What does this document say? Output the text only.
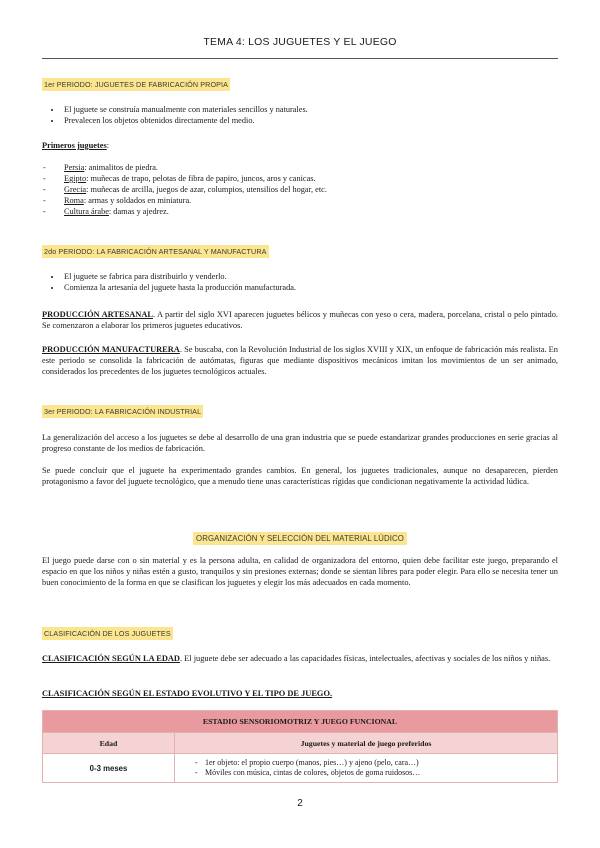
TEMA 4: LOS JUGUETES Y EL JUEGO
1er PERIODO: JUGUETES DE FABRICACIÓN PROPIA
• El juguete se construía manualmente con materiales sencillos y naturales.
• Prevalecen los objetos obtenidos directamente del medio.
Primeros juguetes:
- Persia: animalitos de piedra.
- Egipto: muñecas de trapo, pelotas de fibra de papiro, juncos, aros y canicas.
- Grecia: muñecas de arcilla, juegos de azar, columpios, utensilios del hogar, etc.
- Roma: armas y soldados en miniatura.
- Cultura árabe: damas y ajedrez.
2do PERIODO: LA FABRICACIÓN ARTESANAL Y MANUFACTURA
• El juguete se fabrica para distribuirlo y venderlo.
• Comienza la artesanía del juguete hasta la producción manufacturada.
PRODUCCIÓN ARTESANAL. A partir del siglo XVI aparecen juguetes bélicos y muñecas con yeso o cera, madera, porcelana, cristal o pelo pintado. Se comenzaron a elaborar los primeros juguetes educativos.
PRODUCCIÓN MANUFACTURERA. Se buscaba, con la Revolución Industrial de los siglos XVIII y XIX, un enfoque de fabricación más realista. En este periodo se consolida la fabricación de autómatas, figuras que mediante dispositivos mecánicos imitan los movimientos de un ser animado, considerados los precedentes de los juguetes tecnológicos actuales.
3er PERIODO: LA FABRICACIÓN INDUSTRIAL
La generalización del acceso a los juguetes se debe al desarrollo de una gran industria que se puede estandarizar grandes producciones en serie gracias al progreso constante de los medios de fabricación.
Se puede concluir que el juguete ha experimentado grandes cambios. En general, los juguetes tradicionales, aunque no desaparecen, pierden protagonismo a favor del juguete tecnológico, que a menudo tiene unas características rígidas que condicionan negativamente la actividad lúdica.
ORGANIZACIÓN Y SELECCIÓN DEL MATERIAL LÚDICO
El juego puede darse con o sin material y es la persona adulta, en calidad de organizadora del entorno, quien debe facilitar este juego, preparando el espacio en que los niños y niñas estén a gusto, tranquilos y sin presiones externas; donde se sientan libres para poder elegir. Para ello se necesita tener un buen conocimiento de la forma en que se clasifican los juguetes y elegir los más adecuados en cada momento.
CLASIFICACIÓN DE LOS JUGUETES
CLASIFICACIÓN SEGÚN LA EDAD. El juguete debe ser adecuado a las capacidades físicas, intelectuales, afectivas y sociales de los niños y niñas.
CLASIFICACIÓN SEGÚN EL ESTADO EVOLUTIVO Y EL TIPO DE JUEGO.
ESTADIO SENSORIOMOTRIZ Y JUEGO FUNCIONAL	
Edad	Juguetes y material de juego preferidos
0-3 meses	- 1er objeto: el propio cuerpo (manos, pies…) y ajeno (pelo, cara…)
- Móviles con música, cintas de colores, objetos de goma ruidosos…
2
